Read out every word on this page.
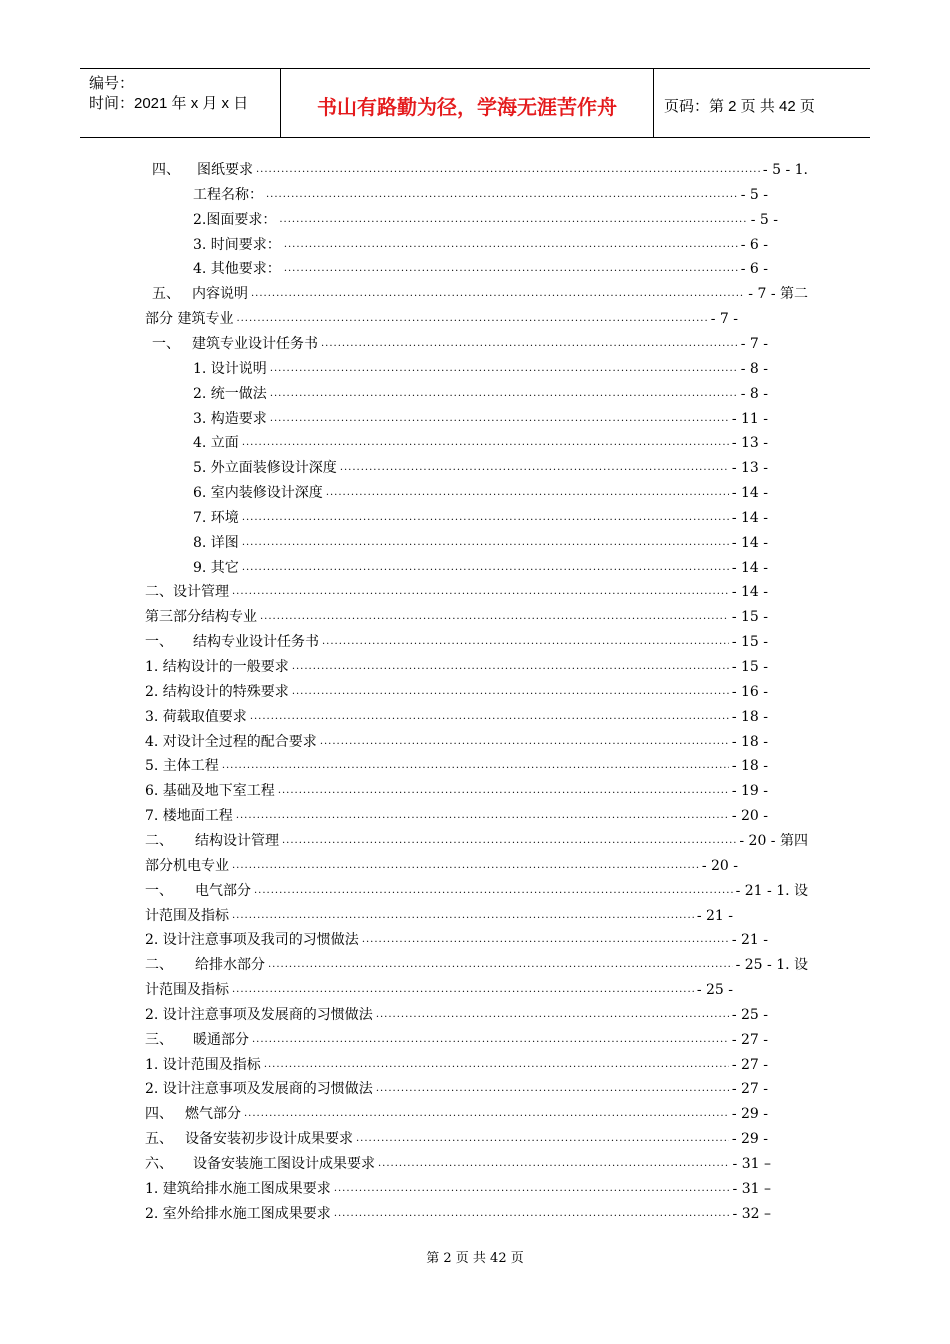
编号：
时间：2021 年 x 月 x 日	书山有路勤为径，学海无涯苦作舟	页码：第 2 页 共 42 页
四、 图纸要求 .....	- 5 - 1.
工程名称： .....	- 5 -
2.图面要求： .....	- 5 -
3. 时间要求： .....	- 6 -
4. 其他要求： .....	- 6 -
五、 内容说明 .....	- 7 - 第二
部分 建筑专业 .....	- 7 -
一、 建筑专业设计任务书 .....	- 7 -
1. 设计说明 .....	- 8 -
2. 统一做法 .....	- 8 -
3. 构造要求 .....	- 11 -
4. 立面 .....	- 13 -
5. 外立面装修设计深度 .....	- 13 -
6. 室内装修设计深度 .....	- 14 -
7. 环境 .....	- 14 -
8. 详图 .....	- 14 -
9. 其它 .....	- 14 -
二、设计管理 .....	- 14 -
第三部分结构专业 .....	- 15 -
一、 结构专业设计任务书 .....	- 15 -
1. 结构设计的一般要求 .....	- 15 -
2. 结构设计的特殊要求 .....	- 16 -
3. 荷载取值要求 .....	- 18 -
4. 对设计全过程的配合要求 .....	- 18 -
5. 主体工程 .....	- 18 -
6. 基础及地下室工程 .....	- 19 -
7. 楼地面工程 .....	- 20 -
二、 结构设计管理 .....	- 20 - 第四
部分机电专业 .....	- 20 -
一、 电气部分 .....	- 21 - 1. 设
计范围及指标 .....	- 21 -
2. 设计注意事项及我司的习惯做法 .....	- 21 -
二、 给排水部分 .....	- 25 - 1. 设
计范围及指标 .....	- 25 -
2. 设计注意事项及发展商的习惯做法 .....	- 25 -
三、 暖通部分 .....	- 27 -
1. 设计范围及指标 .....	- 27 -
2. 设计注意事项及发展商的习惯做法 .....	- 27 -
四、 燃气部分 .....	- 29 -
五、 设备安装初步设计成果要求 .....	- 29 -
六、 设备安装施工图设计成果要求 .....	- 31 –
1. 建筑给排水施工图成果要求 .....	- 31 –
2. 室外给排水施工图成果要求 .....	- 32 –
第 2 页 共 42 页
